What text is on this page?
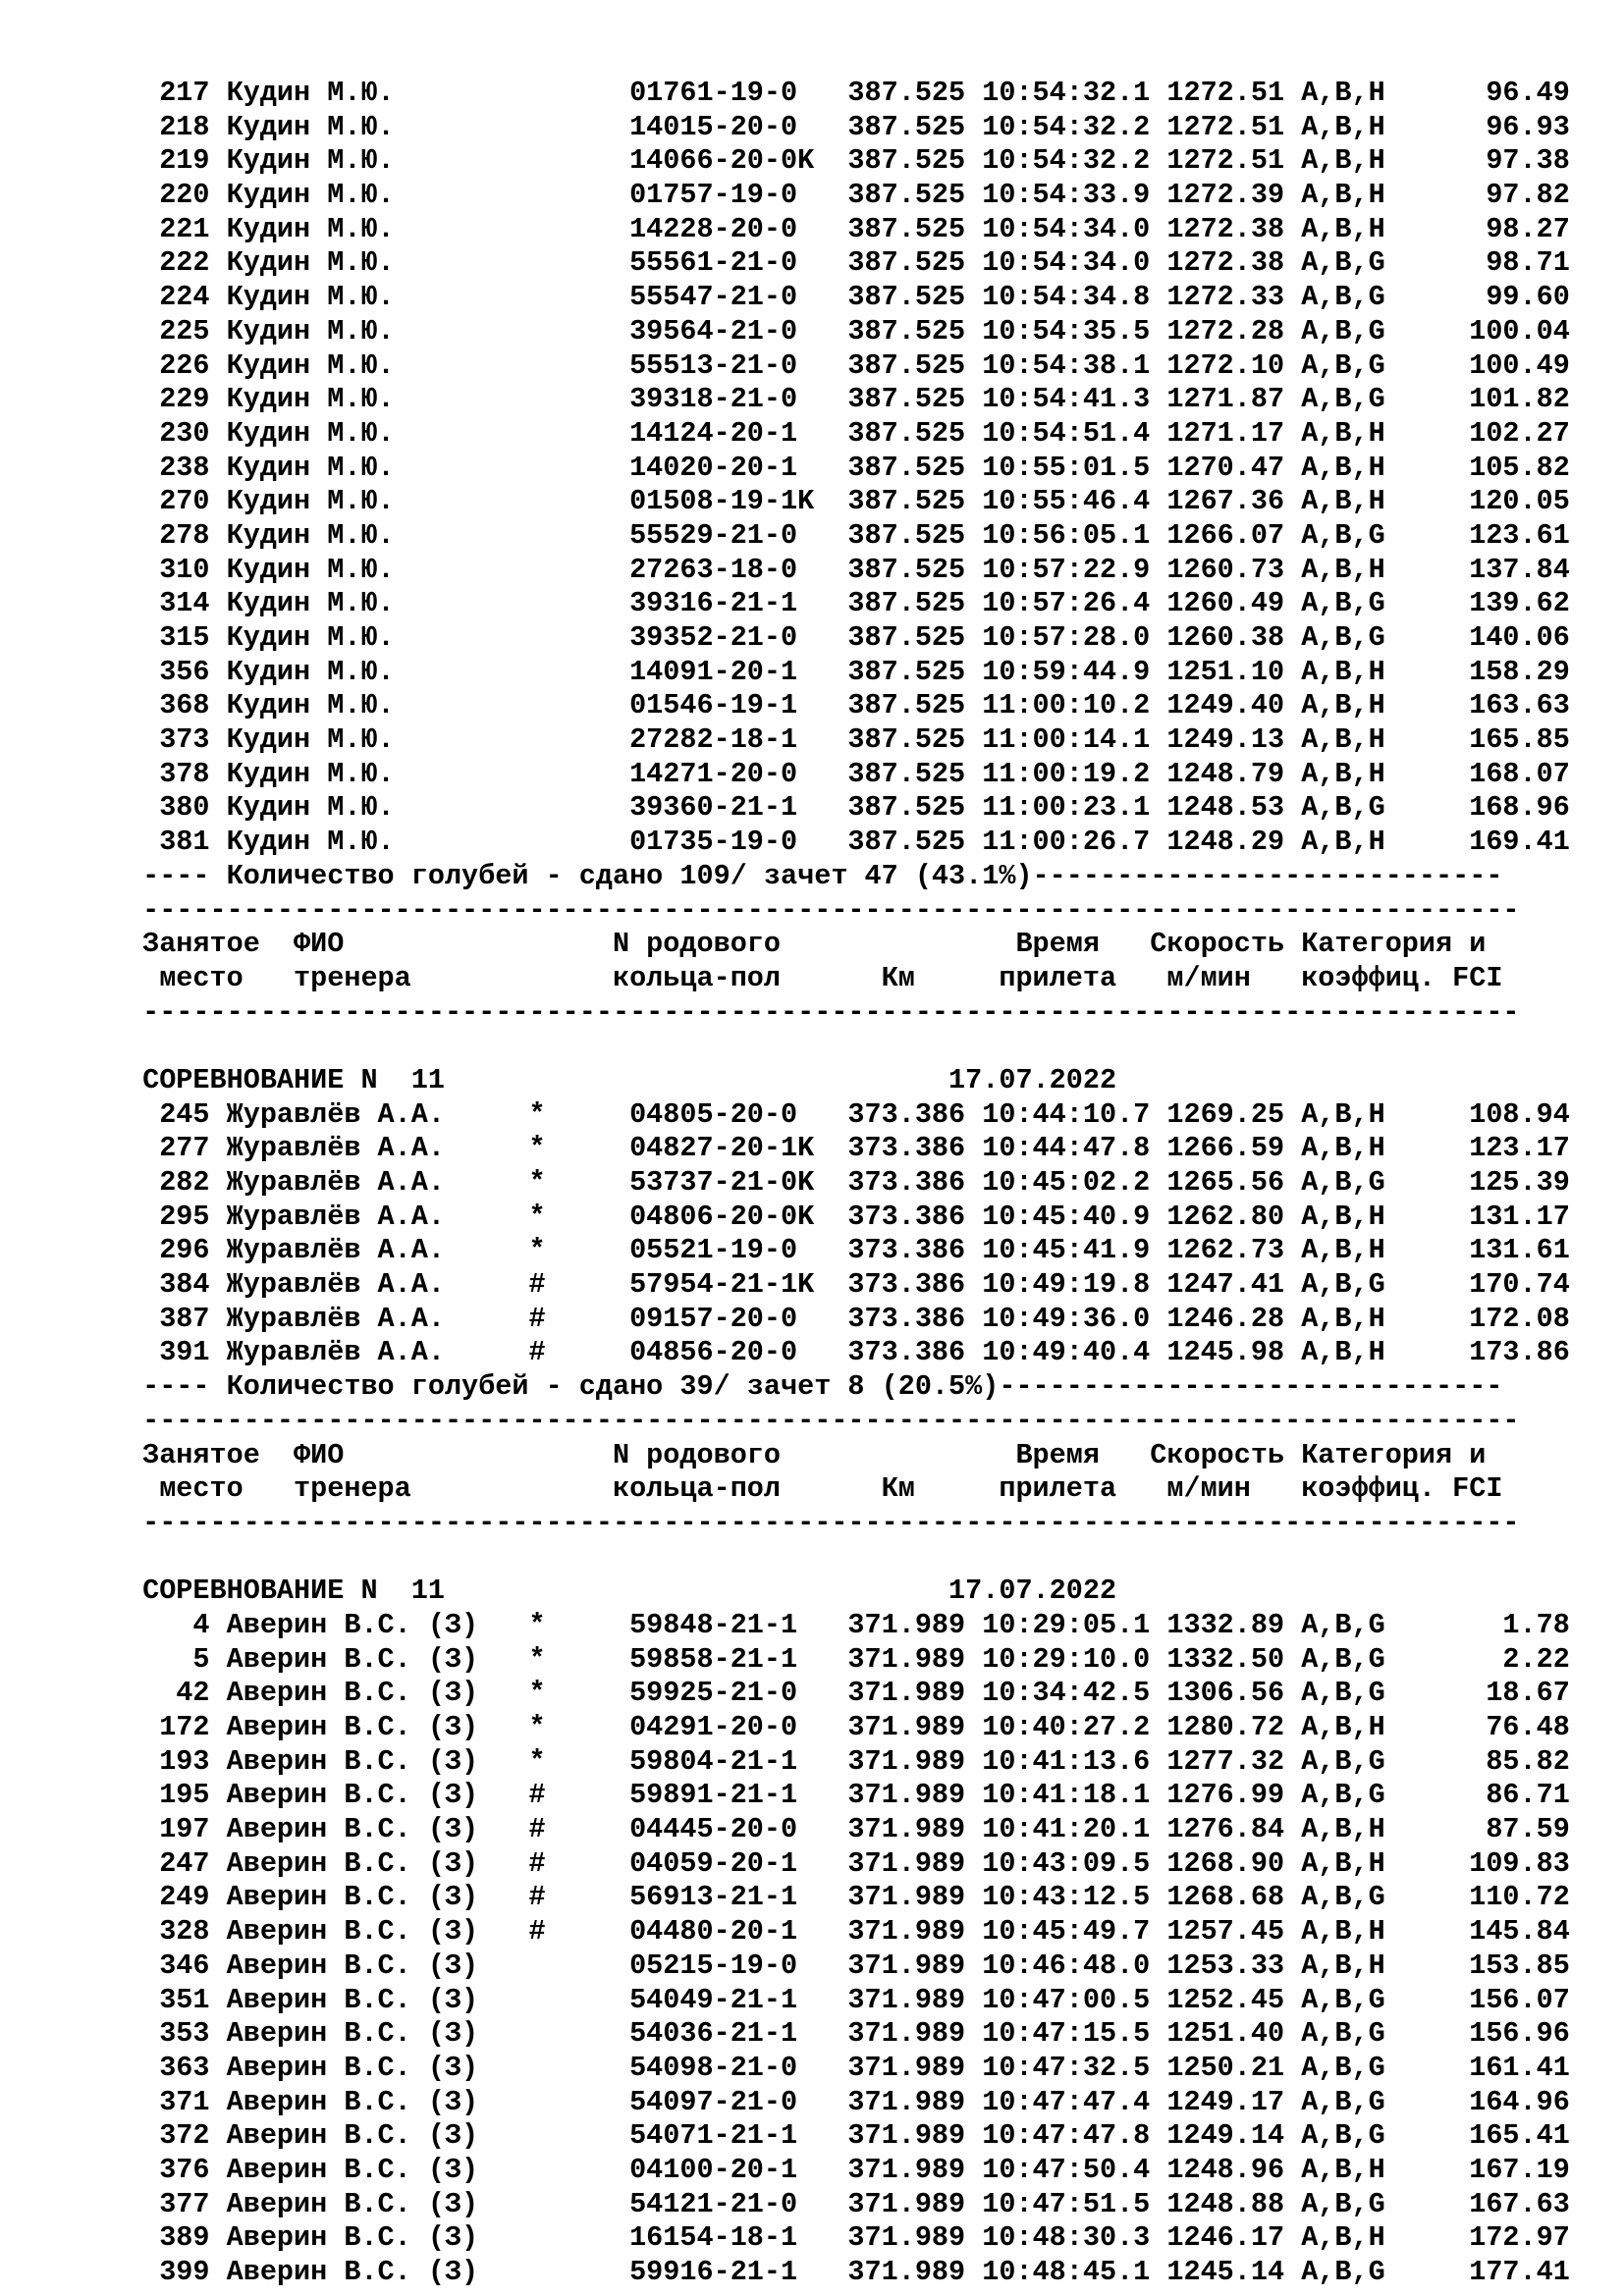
217 Кудин М.Ю.              01761-19-0   387.525 10:54:32.1 1272.51 A,B,H      96.49
218 Кудин М.Ю.              14015-20-0   387.525 10:54:32.2 1272.51 A,B,H      96.93
219 Кудин М.Ю.              14066-20-0K  387.525 10:54:32.2 1272.51 A,B,H      97.38
220 Кудин М.Ю.              01757-19-0   387.525 10:54:33.9 1272.39 A,B,H      97.82
221 Кудин М.Ю.              14228-20-0   387.525 10:54:34.0 1272.38 A,B,H      98.27
222 Кудин М.Ю.              55561-21-0   387.525 10:54:34.0 1272.38 A,B,G      98.71
224 Кудин М.Ю.              55547-21-0   387.525 10:54:34.8 1272.33 A,B,G      99.60
225 Кудин М.Ю.              39564-21-0   387.525 10:54:35.5 1272.28 A,B,G     100.04
226 Кудин М.Ю.              55513-21-0   387.525 10:54:38.1 1272.10 A,B,G     100.49
229 Кудин М.Ю.              39318-21-0   387.525 10:54:41.3 1271.87 A,B,G     101.82
230 Кудин М.Ю.              14124-20-1   387.525 10:54:51.4 1271.17 A,B,H     102.27
238 Кудин М.Ю.              14020-20-1   387.525 10:55:01.5 1270.47 A,B,H     105.82
270 Кудин М.Ю.              01508-19-1K  387.525 10:55:46.4 1267.36 A,B,H     120.05
278 Кудин М.Ю.              55529-21-0   387.525 10:56:05.1 1266.07 A,B,G     123.61
310 Кудин М.Ю.              27263-18-0   387.525 10:57:22.9 1260.73 A,B,H     137.84
314 Кудин М.Ю.              39316-21-1   387.525 10:57:26.4 1260.49 A,B,G     139.62
315 Кудин М.Ю.              39352-21-0   387.525 10:57:28.0 1260.38 A,B,G     140.06
356 Кудин М.Ю.              14091-20-1   387.525 10:59:44.9 1251.10 A,B,H     158.29
368 Кудин М.Ю.              01546-19-1   387.525 11:00:10.2 1249.40 A,B,H     163.63
373 Кудин М.Ю.              27282-18-1   387.525 11:00:14.1 1249.13 A,B,H     165.85
378 Кудин М.Ю.              14271-20-0   387.525 11:00:19.2 1248.79 A,B,H     168.07
380 Кудин М.Ю.              39360-21-1   387.525 11:00:23.1 1248.53 A,B,G     168.96
381 Кудин М.Ю.              01735-19-0   387.525 11:00:26.7 1248.29 A,B,H     169.41
---- Количество голубей - сдано 109/ зачет 47 (43.1%)----------------------------
----------------------------------------------------------------------------------
Занятое  ФИО                N родового              Время   Скорость Категория и
место   тренера            кольца-пол      Км     прилета   м/мин   коэффиц. FCI
----------------------------------------------------------------------------------
СОРЕВНОВАНИЕ N  11                              17.07.2022
245 Журавлёв А.А.     *     04805-20-0   373.386 10:44:10.7 1269.25 A,B,H     108.94
277 Журавлёв А.А.     *     04827-20-1K  373.386 10:44:47.8 1266.59 A,B,H     123.17
282 Журавлёв А.А.     *     53737-21-0K  373.386 10:45:02.2 1265.56 A,B,G     125.39
295 Журавлёв А.А.     *     04806-20-0K  373.386 10:45:40.9 1262.80 A,B,H     131.17
296 Журавлёв А.А.     *     05521-19-0   373.386 10:45:41.9 1262.73 A,B,H     131.61
384 Журавлёв А.А.     #     57954-21-1K  373.386 10:49:19.8 1247.41 A,B,G     170.74
387 Журавлёв А.А.     #     09157-20-0   373.386 10:49:36.0 1246.28 A,B,H     172.08
391 Журавлёв А.А.     #     04856-20-0   373.386 10:49:40.4 1245.98 A,B,H     173.86
---- Количество голубей - сдано 39/ зачет 8 (20.5%)------------------------------
----------------------------------------------------------------------------------
Занятое  ФИО                N родового              Время   Скорость Категория и
место   тренера            кольца-пол      Км     прилета   м/мин   коэффиц. FCI
----------------------------------------------------------------------------------
СОРЕВНОВАНИЕ N  11                              17.07.2022
4 Аверин В.С. (З)   *     59848-21-1   371.989 10:29:05.1 1332.89 A,B,G       1.78
5 Аверин В.С. (З)   *     59858-21-1   371.989 10:29:10.0 1332.50 A,B,G       2.22
42 Аверин В.С. (З)   *     59925-21-0   371.989 10:34:42.5 1306.56 A,B,G      18.67
172 Аверин В.С. (З)   *     04291-20-0   371.989 10:40:27.2 1280.72 A,B,H      76.48
193 Аверин В.С. (З)   *     59804-21-1   371.989 10:41:13.6 1277.32 A,B,G      85.82
195 Аверин В.С. (З)   #     59891-21-1   371.989 10:41:18.1 1276.99 A,B,G      86.71
197 Аверин В.С. (З)   #     04445-20-0   371.989 10:41:20.1 1276.84 A,B,H      87.59
247 Аверин В.С. (З)   #     04059-20-1   371.989 10:43:09.5 1268.90 A,B,H     109.83
249 Аверин В.С. (З)   #     56913-21-1   371.989 10:43:12.5 1268.68 A,B,G     110.72
328 Аверин В.С. (З)   #     04480-20-1   371.989 10:45:49.7 1257.45 A,B,H     145.84
346 Аверин В.С. (З)         05215-19-0   371.989 10:46:48.0 1253.33 A,B,H     153.85
351 Аверин В.С. (З)         54049-21-1   371.989 10:47:00.5 1252.45 A,B,G     156.07
353 Аверин В.С. (З)         54036-21-1   371.989 10:47:15.5 1251.40 A,B,G     156.96
363 Аверин В.С. (З)         54098-21-0   371.989 10:47:32.5 1250.21 A,B,G     161.41
371 Аверин В.С. (З)         54097-21-0   371.989 10:47:47.4 1249.17 A,B,G     164.96
372 Аверин В.С. (З)         54071-21-1   371.989 10:47:47.8 1249.14 A,B,G     165.41
376 Аверин В.С. (З)         04100-20-1   371.989 10:47:50.4 1248.96 A,B,H     167.19
377 Аверин В.С. (З)         54121-21-0   371.989 10:47:51.5 1248.88 A,B,G     167.63
389 Аверин В.С. (З)         16154-18-1   371.989 10:48:30.3 1246.17 A,B,H     172.97
399 Аверин В.С. (З)         59916-21-1   371.989 10:48:45.1 1245.14 A,B,G     177.41
